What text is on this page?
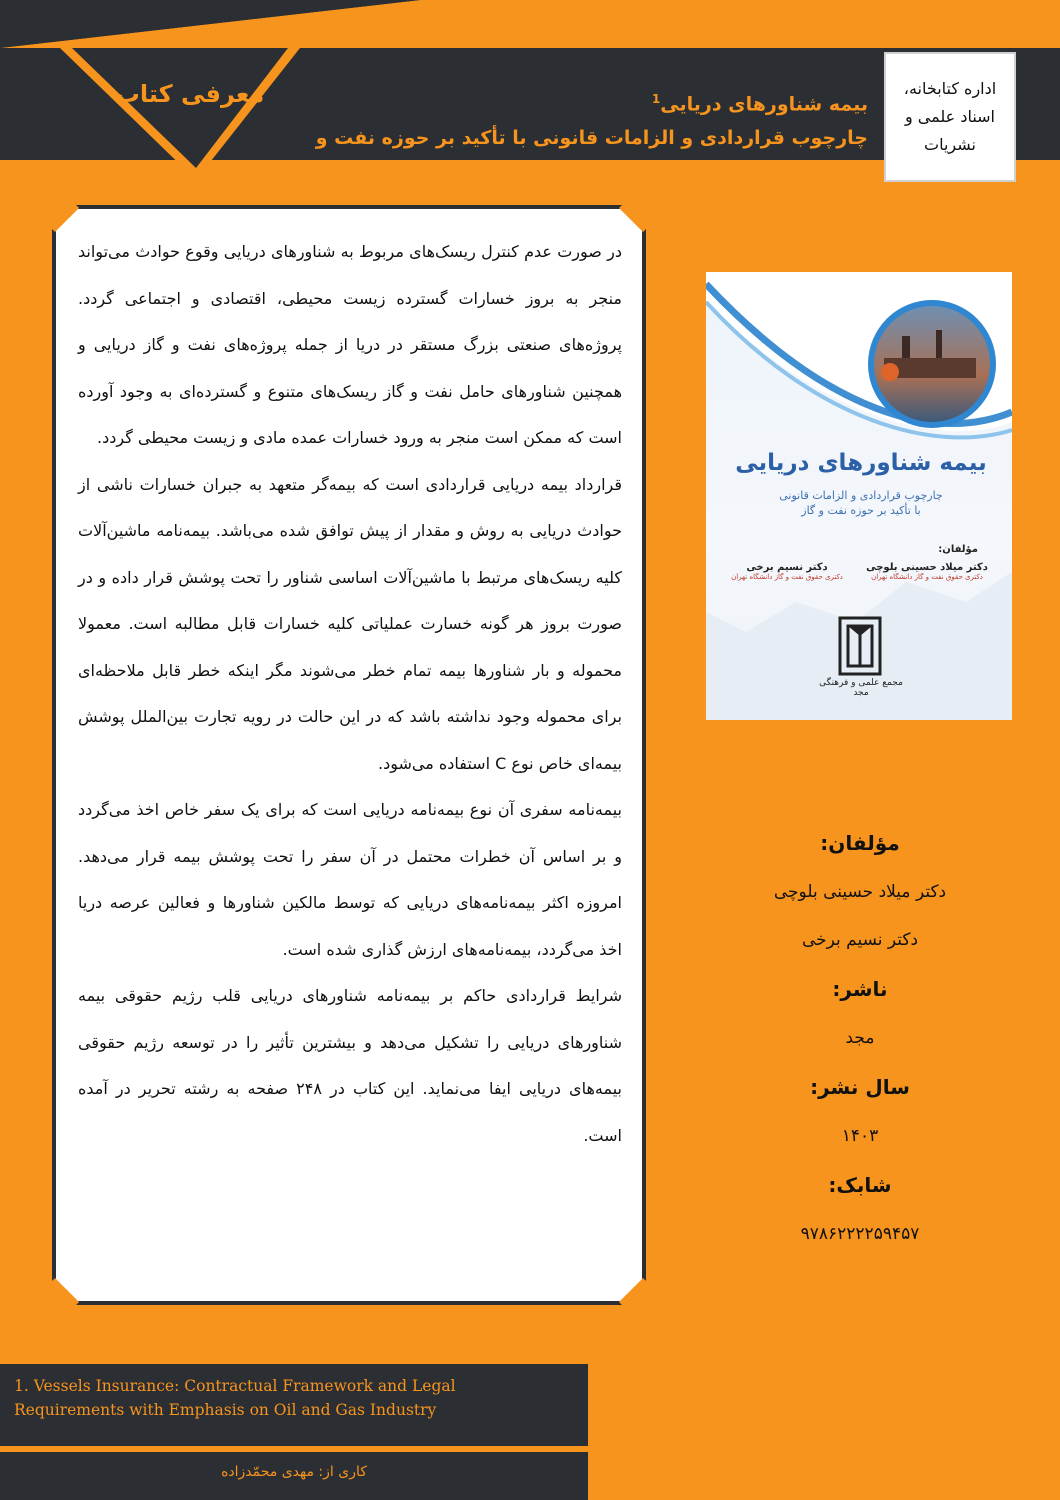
معرفی کتاب	بیمه شناورهای دریایی$^1$
چارچوب قراردادی و الزامات قانونی با تأکید بر حوزه نفت و گاز
اداره کتابخانه، اسناد علمی و نشریات

در صورت عدم کنترل ریسک‌های مربوط به شناورهای دریایی وقوع حوادث می‌تواند منجر به بروز خسارات گسترده زیست محیطی، اقتصادی و اجتماعی گردد. پروژه‌های صنعتی بزرگ مستقر در دریا از جمله پروژه‌های نفت و گاز دریایی و همچنین شناورهای حامل نفت و گاز ریسک‌های متنوع و گسترده‌ای به وجود آورده است که ممکن است منجر به ورود خسارات عمده مادی و زیست محیطی گردد.

قرارداد بیمه دریایی قراردادی است که بیمه‌گر متعهد به جبران خسارات ناشی از حوادث دریایی به روش و مقدار از پیش توافق شده می‌باشد. بیمه‌نامه ماشین‌آلات کلیه ریسک‌های مرتبط با ماشین‌آلات اساسی شناور را تحت پوشش قرار داده و در صورت بروز هر گونه خسارت عملیاتی کلیه خسارات قابل مطالبه است. معمولا محموله و بار شناورها بیمه تمام خطر می‌شوند مگر اینکه خطر قابل ملاحظه‌ای برای محموله وجود نداشته باشد که در این حالت در رویه تجارت بین‌الملل پوشش بیمه‌ای خاص نوع C استفاده می‌شود.

بیمه‌نامه سفری آن نوع بیمه‌نامه دریایی است که برای یک سفر خاص اخذ می‌گردد و بر اساس آن خطرات محتمل در آن سفر را تحت پوشش بیمه قرار می‌دهد. امروزه اکثر بیمه‌نامه‌های دریایی که توسط مالکین شناورها و فعالین عرصه دریا اخذ می‌گردد، بیمه‌نامه‌های ارزش گذاری شده است.

شرایط قراردادی حاکم بر بیمه‌نامه شناورهای دریایی قلب رژیم حقوقی بیمه شناورهای دریایی را تشکیل می‌دهد و بیشترین تأثیر را در توسعه رژیم حقوقی بیمه‌های دریایی ایفا می‌نماید. این کتاب در ۲۴۸ صفحه به رشته تحریر در آمده است.

بیمه شناورهای دریایی
چارچوب قراردادی و الزامات قانونی
با تأکید بر حوزه نفت و گاز
مؤلفان:
دکتر میلاد حسینی بلوچی
دکتری حقوق نفت و گاز دانشگاه تهران
دکتر نسیم برخی
دکتری حقوق نفت و گاز دانشگاه تهران
مجمع علمی و فرهنگی مجد
مؤلفان:
دکتر میلاد حسینی بلوچی
دکتر نسیم برخی
ناشر:
مجد
سال نشر:
۱۴۰۳
شابک:
۹۷۸۶۲۲۲۲۵۹۴۵۷
1. Vessels Insurance: Contractual Framework and Legal Requirements with Emphasis on Oil and Gas Industry
کاری از: مهدی محمّدزاده
